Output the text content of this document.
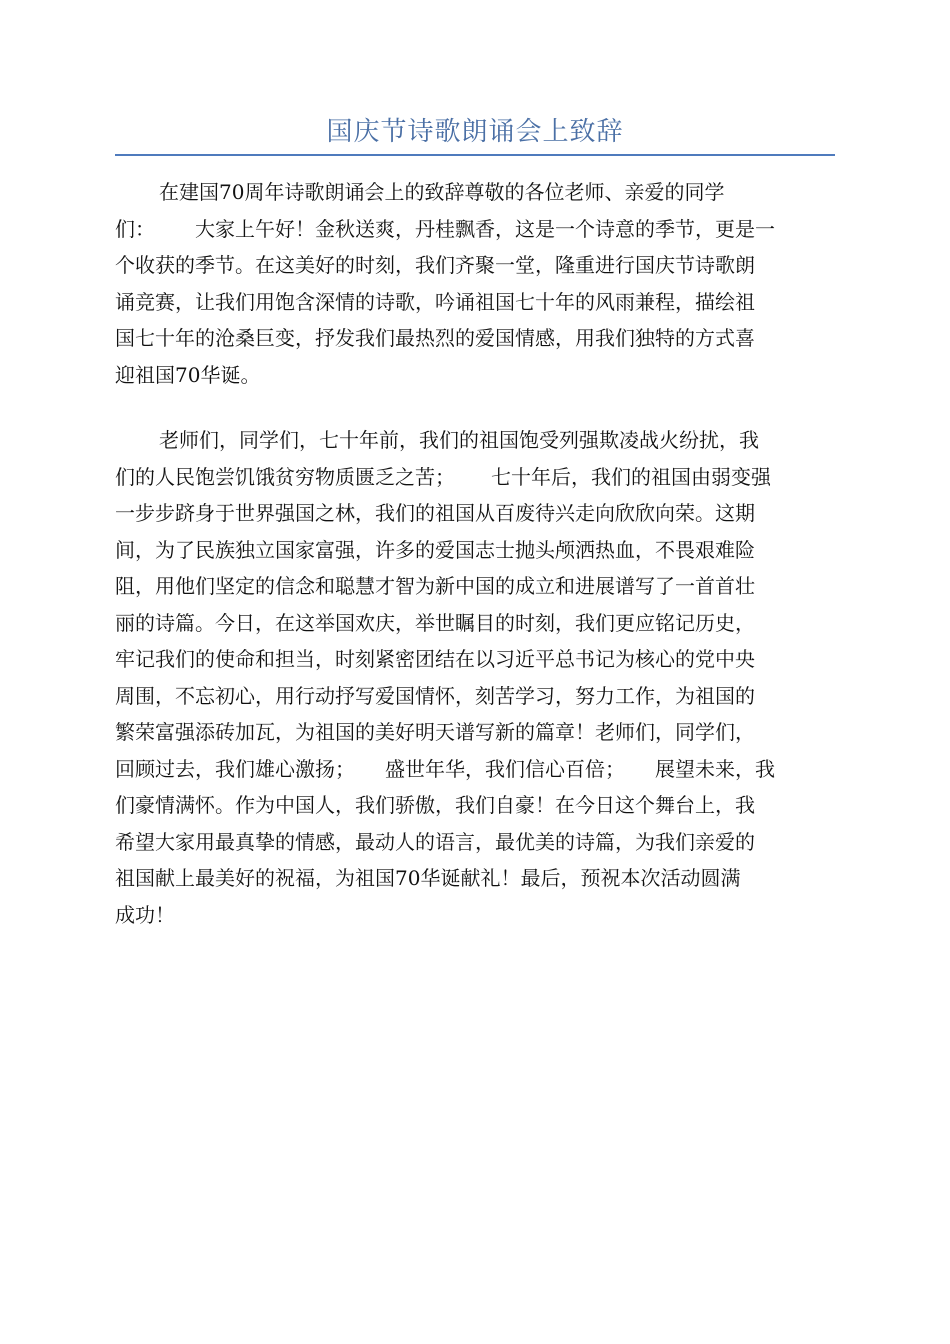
国庆节诗歌朗诵会上致辞
在建国70周年诗歌朗诵会上的致辞尊敬的各位老师、亲爱的同学
们： 大家上午好！金秋送爽，丹桂飘香，这是一个诗意的季节，更是一
个收获的季节。在这美好的时刻，我们齐聚一堂，隆重进行国庆节诗歌朗
诵竞赛，让我们用饱含深情的诗歌，吟诵祖国七十年的风雨兼程，描绘祖
国七十年的沧桑巨变，抒发我们最热烈的爱国情感，用我们独特的方式喜
迎祖国70华诞。
老师们，同学们，七十年前，我们的祖国饱受列强欺凌战火纷扰，我
们的人民饱尝饥饿贫穷物质匮乏之苦； 七十年后，我们的祖国由弱变强
一步步跻身于世界强国之林，我们的祖国从百废待兴走向欣欣向荣。这期
间，为了民族独立国家富强，许多的爱国志士抛头颅洒热血，不畏艰难险
阻，用他们坚定的信念和聪慧才智为新中国的成立和进展谱写了一首首壮
丽的诗篇。今日，在这举国欢庆，举世瞩目的时刻，我们更应铭记历史，
牢记我们的使命和担当，时刻紧密团结在以习近平总书记为核心的党中央
周围，不忘初心，用行动抒写爱国情怀，刻苦学习，努力工作，为祖国的
繁荣富强添砖加瓦，为祖国的美好明天谱写新的篇章！老师们，同学们，
回顾过去，我们雄心激扬； 盛世年华，我们信心百倍； 展望未来，我
们豪情满怀。作为中国人，我们骄傲，我们自豪！在今日这个舞台上，我
希望大家用最真挚的情感，最动人的语言，最优美的诗篇，为我们亲爱的
祖国献上最美好的祝福，为祖国70华诞献礼！最后，预祝本次活动圆满
成功！
